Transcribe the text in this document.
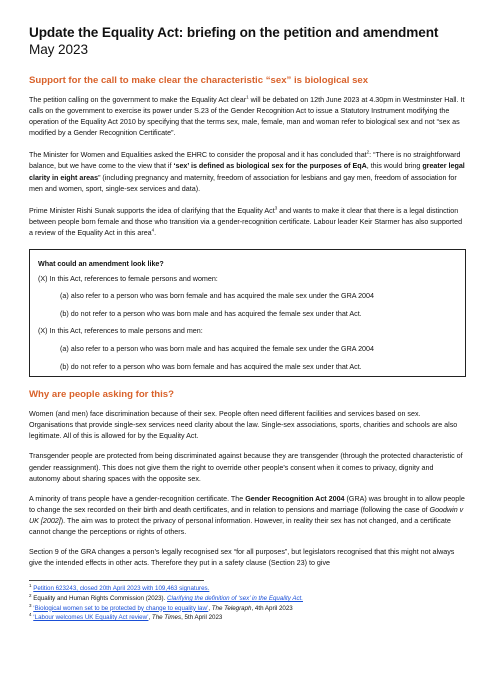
Update the Equality Act: briefing on the petition and amendment May 2023
Support for the call to make clear the characteristic “sex” is biological sex

The petition calling on the government to make the Equality Act clear$^1$ will be debated on 12th June 2023 at 4.30pm in Westminster Hall. It calls on the government to exercise its power under S.23 of the Gender Recognition Act to issue a Statutory Instrument modifying the operation of the Equality Act 2010 by specifying that the terms sex, male, female, man and woman refer to biological sex and not “sex as modified by a Gender Recognition Certificate”.

The Minister for Women and Equalities asked the EHRC to consider the proposal and it has concluded that$^2$: “There is no straightforward balance, but we have come to the view that if ‘sex’ is defined as biological sex for the purposes of EqA, this would bring greater legal clarity in eight areas” (including pregnancy and maternity, freedom of association for lesbians and gay men, freedom of association for men and women, sport, single-sex services and data).

Prime Minister Rishi Sunak supports the idea of clarifying that the Equality Act$^3$ and wants to make it clear that there is a legal distinction between people born female and those who transition via a gender-recognition certificate. Labour leader Keir Starmer has also supported a review of the Equality Act in this area$^4$.

What could an amendment look like?

(X) In this Act, references to female persons and women:

(a) also refer to a person who was born female and has acquired the male sex under the GRA 2004

(b) do not refer to a person who was born male and has acquired the female sex under that Act.

(X) In this Act, references to male persons and men:

(a) also refer to a person who was born male and has acquired the female sex under the GRA 2004

(b) do not refer to a person who was born female and has acquired the male sex under that Act.

Why are people asking for this?

Women (and men) face discrimination because of their sex. People often need different facilities and services based on sex. Organisations that provide single-sex services need clarity about the law. Single-sex associations, sports, charities and schools are also legitimate. All of this is allowed for by the Equality Act.

Transgender people are protected from being discriminated against because they are transgender (through the protected characteristic of gender reassignment). This does not give them the right to override other people’s consent when it comes to privacy, dignity and autonomy about sharing spaces with the opposite sex.

A minority of trans people have a gender-recognition certificate. The Gender Recognition Act 2004 (GRA) was brought in to allow people to change the sex recorded on their birth and death certificates, and in relation to pensions and marriage (following the case of Goodwin v UK [2002]). The aim was to protect the privacy of personal information. However, in reality their sex has not changed, and a certificate cannot change the perceptions or rights of others.

Section 9 of the GRA changes a person’s legally recognised sex “for all purposes”, but legislators recognised that this might not always give the intended effects in other acts. Therefore they put in a safety clause (Section 23) to give

$^1$ Petition 623243, closed 20th April 2023 with 109,463 signatures.

$^2$ Equality and Human Rights Commission (2023). Clarifying the definition of ‘sex’ in the Equality Act.

$^3$ ‘Biological women set to be protected by change to equality law’, The Telegraph, 4th April 2023

$^4$ ‘Labour welcomes UK Equality Act review’, The Times, 5th April 2023
